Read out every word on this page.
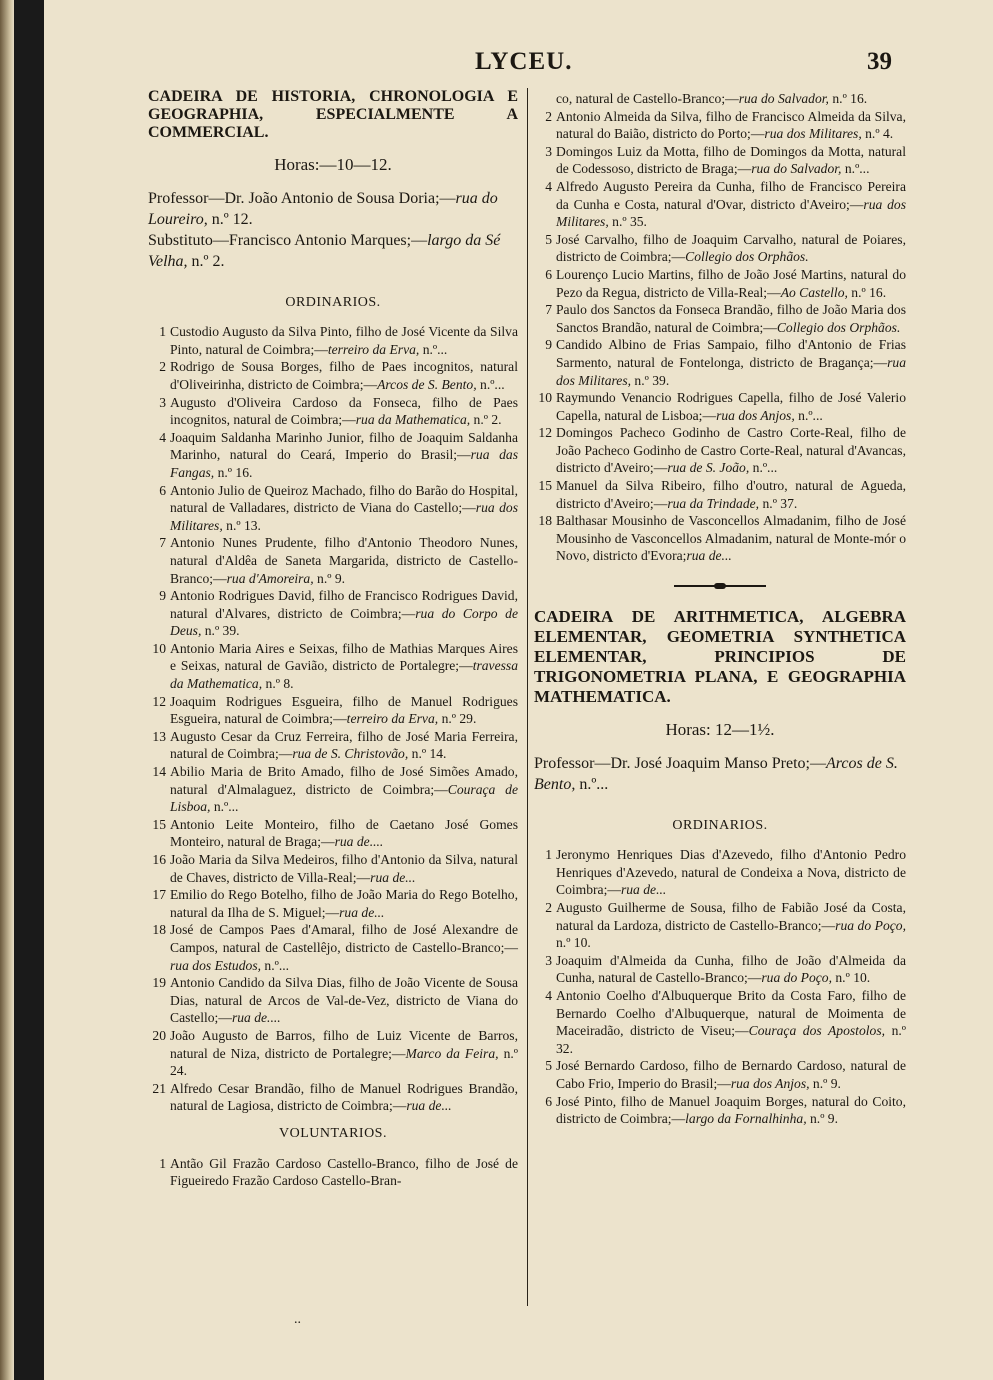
LYCEU.	39
CADEIRA DE HISTORIA, CHRONOLOGIA E GEOGRAPHIA, ESPECIALMENTE A COMMERCIAL.
Horas:—10—12.
Professor—Dr. João Antonio de Sousa Doria;—rua do Loureiro, n.º 12.
Substituto—Francisco Antonio Marques;—largo da Sé Velha, n.º 2.
ORDINARIOS.
1 Custodio Augusto da Silva Pinto, filho de José Vicente da Silva Pinto, natural de Coimbra;—terreiro da Erva, n.º...
2 Rodrigo de Sousa Borges, filho de Paes incognitos, natural d'Oliveirinha, districto de Coimbra;—Arcos de S. Bento, n.º...
3 Augusto d'Oliveira Cardoso da Fonseca, filho de Paes incognitos, natural de Coimbra;—rua da Mathematica, n.º 2.
4 Joaquim Saldanha Marinho Junior, filho de Joaquim Saldanha Marinho, natural do Ceará, Imperio do Brasil;—rua das Fangas, n.º 16.
6 Antonio Julio de Queiroz Machado, filho do Barão do Hospital, natural de Valladares, districto de Viana do Castello;—rua dos Militares, n.º 13.
7 Antonio Nunes Prudente, filho d'Antonio Theodoro Nunes, natural d'Aldêa de Saneta Margarida, districto de Castello-Branco;—rua d'Amoreira, n.º 9.
9 Antonio Rodrigues David, filho de Francisco Rodrigues David, natural d'Alvares, districto de Coimbra;—rua do Corpo de Deus, n.º 39.
10 Antonio Maria Aires e Seixas, filho de Mathias Marques Aires e Seixas, natural de Gavião, districto de Portalegre;—travessa da Mathematica, n.º 8.
12 Joaquim Rodrigues Esgueira, filho de Manuel Rodrigues Esgueira, natural de Coimbra;—terreiro da Erva, n.º 29.
13 Augusto Cesar da Cruz Ferreira, filho de José Maria Ferreira, natural de Coimbra;—rua de S. Christovão, n.º 14.
14 Abilio Maria de Brito Amado, filho de José Simões Amado, natural d'Almalaguez, districto de Coimbra;—Couraça de Lisboa, n.º...
15 Antonio Leite Monteiro, filho de Caetano José Gomes Monteiro, natural de Braga;—rua de....
16 João Maria da Silva Medeiros, filho d'Antonio da Silva, natural de Chaves, districto de Villa-Real;—rua de...
17 Emilio do Rego Botelho, filho de João Maria do Rego Botelho, natural da Ilha de S. Miguel;—rua de...
18 José de Campos Paes d'Amaral, filho de José Alexandre de Campos, natural de Castellêjo, districto de Castello-Branco;—rua dos Estudos, n.º...
19 Antonio Candido da Silva Dias, filho de João Vicente de Sousa Dias, natural de Arcos de Val-de-Vez, districto de Viana do Castello;—rua de....
20 João Augusto de Barros, filho de Luiz Vicente de Barros, natural de Niza, districto de Portalegre;—Marco da Feira, n.º 24.
21 Alfredo Cesar Brandão, filho de Manuel Rodrigues Brandão, natural de Lagiosa, districto de Coimbra;—rua de...
VOLUNTARIOS.
1 Antão Gil Frazão Cardoso Castello-Branco, filho de José de Figueiredo Frazão Cardoso Castello-Bran-
..
co, natural de Castello-Branco;—rua do Salvador, n.º 16.
2 Antonio Almeida da Silva, filho de Francisco Almeida da Silva, natural do Baião, districto do Porto;—rua dos Militares, n.º 4.
3 Domingos Luiz da Motta, filho de Domingos da Motta, natural de Codessoso, districto de Braga;—rua do Salvador, n.º...
4 Alfredo Augusto Pereira da Cunha, filho de Francisco Pereira da Cunha e Costa, natural d'Ovar, districto d'Aveiro;—rua dos Militares, n.º 35.
5 José Carvalho, filho de Joaquim Carvalho, natural de Poiares, districto de Coimbra;—Collegio dos Orphãos.
6 Lourenço Lucio Martins, filho de João José Martins, natural do Pezo da Regua, districto de Villa-Real;—Ao Castello, n.º 16.
7 Paulo dos Sanctos da Fonseca Brandão, filho de João Maria dos Sanctos Brandão, natural de Coimbra;—Collegio dos Orphãos.
9 Candido Albino de Frias Sampaio, filho d'Antonio de Frias Sarmento, natural de Fontelonga, districto de Bragança;—rua dos Militares, n.º 39.
10 Raymundo Venancio Rodrigues Capella, filho de José Valerio Capella, natural de Lisboa;—rua dos Anjos, n.º...
12 Domingos Pacheco Godinho de Castro Corte-Real, filho de João Pacheco Godinho de Castro Corte-Real, natural d'Avancas, districto d'Aveiro;—rua de S. João, n.º...
15 Manuel da Silva Ribeiro, filho d'outro, natural de Agueda, districto d'Aveiro;—rua da Trindade, n.º 37.
18 Balthasar Mousinho de Vasconcellos Almadanim, filho de José Mousinho de Vasconcellos Almadanim, natural de Monte-mór o Novo, districto d'Evora;rua de...
CADEIRA DE ARITHMETICA, ALGEBRA ELEMENTAR, GEOMETRIA SYNTHETICA ELEMENTAR, PRINCIPIOS DE TRIGONOMETRIA PLANA, E GEOGRAPHIA MATHEMATICA.
Horas: 12—1½.
Professor—Dr. José Joaquim Manso Preto;—Arcos de S. Bento, n.º...
ORDINARIOS.
1 Jeronymo Henriques Dias d'Azevedo, filho d'Antonio Pedro Henriques d'Azevedo, natural de Condeixa a Nova, districto de Coimbra;—rua de...
2 Augusto Guilherme de Sousa, filho de Fabião José da Costa, natural da Lardoza, districto de Castello-Branco;—rua do Poço, n.º 10.
3 Joaquim d'Almeida da Cunha, filho de João d'Almeida da Cunha, natural de Castello-Branco;—rua do Poço, n.º 10.
4 Antonio Coelho d'Albuquerque Brito da Costa Faro, filho de Bernardo Coelho d'Albuquerque, natural de Moimenta de Maceiradão, districto de Viseu;—Couraça dos Apostolos, n.º 32.
5 José Bernardo Cardoso, filho de Bernardo Cardoso, natural de Cabo Frio, Imperio do Brasil;—rua dos Anjos, n.º 9.
6 José Pinto, filho de Manuel Joaquim Borges, natural do Coito, districto de Coimbra;—largo da Fornalhinha, n.º 9.
